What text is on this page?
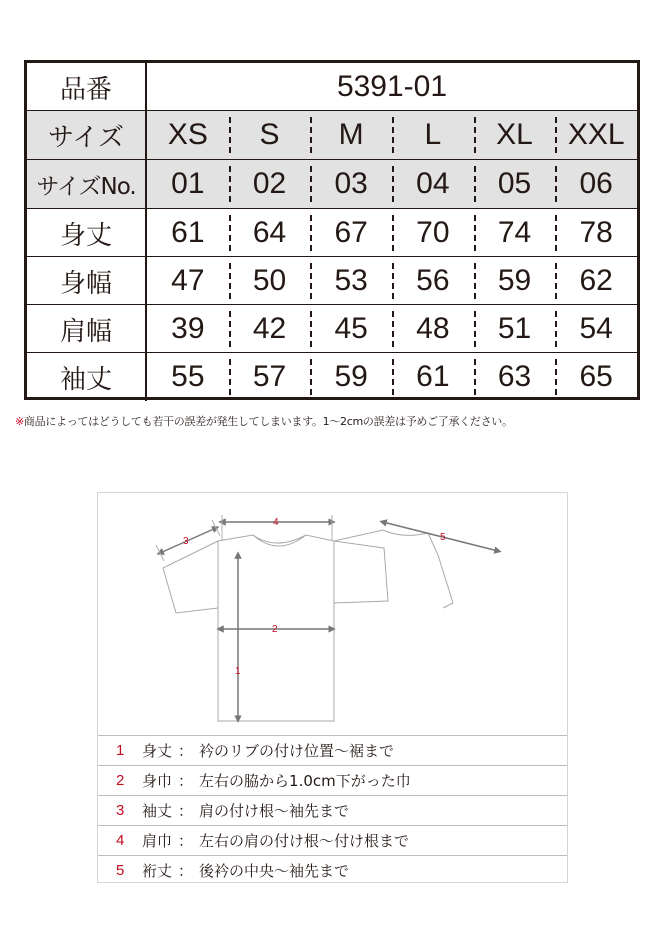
品番	5391-01
サイズ	XS	S	M	L	XL	XXL
サイズNo.	01	02	03	04	05	06
身丈	61	64	67	70	74	78
身幅	47	50	53	56	59	62
肩幅	39	42	45	48	51	54
袖丈	55	57	59	61	63	65
※商品によってはどうしても若干の誤差が発生してしまいます。1〜2cmの誤差は予めご了承ください。
1
2
3
4
5
1	身丈 ： 衿のリブの付け位置〜裾まで
2	身巾 ： 左右の脇から1.0cm下がった巾
3	袖丈 ： 肩の付け根〜袖先まで
4	肩巾 ： 左右の肩の付け根〜付け根まで
5	裄丈 ： 後衿の中央〜袖先まで
